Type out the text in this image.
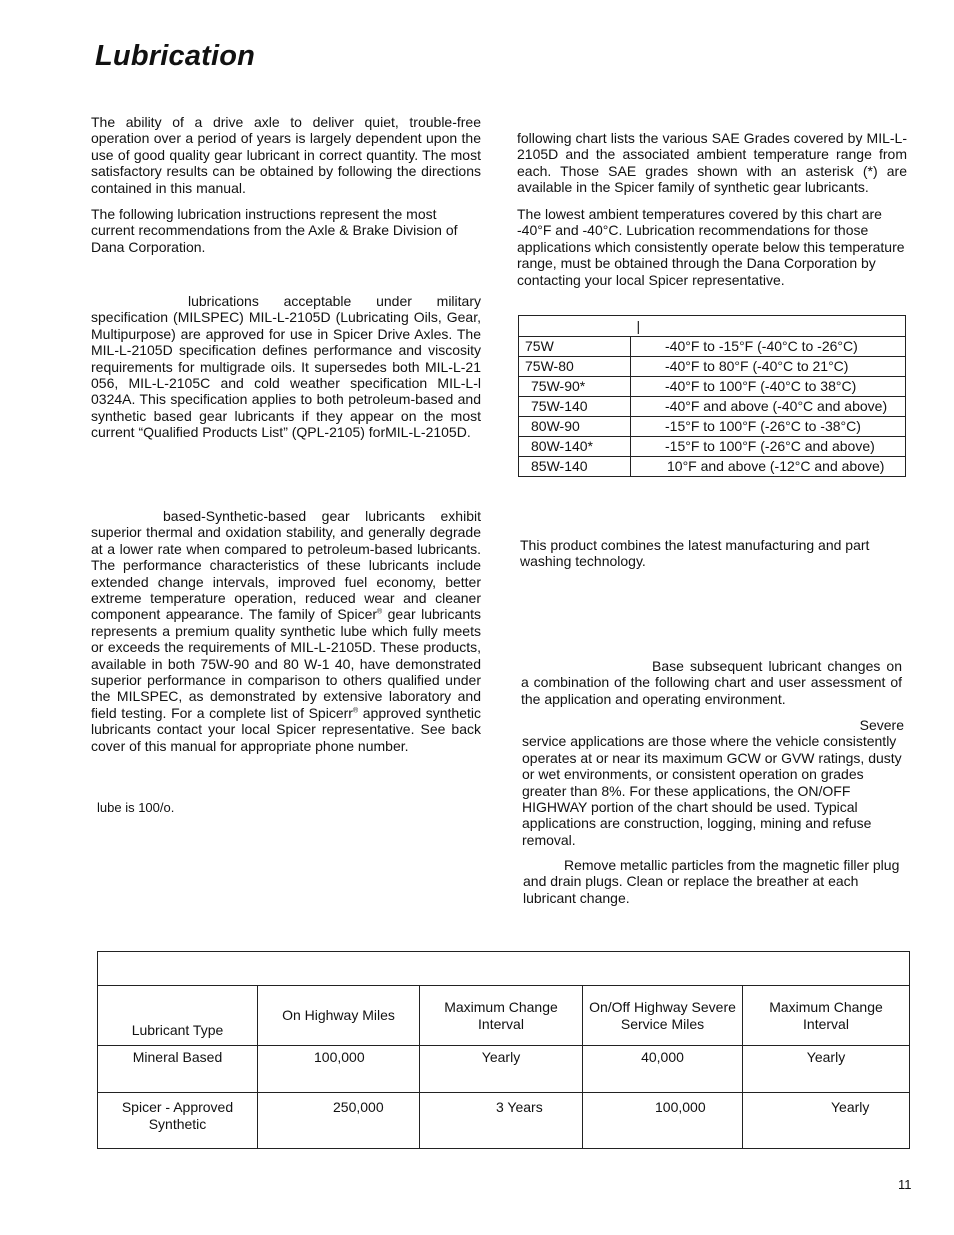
Lubrication

The ability of a drive axle to deliver quiet, trouble-free operation over a period of years is largely dependent upon the use of good quality gear lubricant in correct quantity. The most satisfactory results can be obtained by following the directions contained in this manual.

The following lubrication instructions represent the most current recommendations from the Axle & Brake Division of Dana Corporation.

lubrications acceptable under military specification (MILSPEC) MIL-L-2105D (Lubricating Oils, Gear, Multipurpose) are approved for use in Spicer Drive Axles. The MIL-L-2105D specification defines performance and viscosity requirements for multigrade oils. It supersedes both MIL-L-21 056, MIL-L-2105C and cold weather specification MIL-L-l 0324A. This specification applies to both petroleum-based and synthetic based gear lubricants if they appear on the most current “Qualified Products List” (QPL-2105) forMIL-L-2105D.

based-Synthetic-based gear lubricants exhibit superior thermal and oxidation stability, and generally degrade at a lower rate when compared to petroleum-based lubricants. The performance characteristics of these lubricants include extended change intervals, improved fuel economy, better extreme temperature operation, reduced wear and cleaner component appearance. The family of Spicer® gear lubricants represents a premium quality synthetic lube which fully meets or exceeds the requirements of MIL-L-2105D. These products, available in both 75W-90 and 80 W-1 40, have demonstrated superior performance in comparison to others qualified under the MILSPEC, as demonstrated by extensive laboratory and field testing. For a complete list of Spicerr® approved synthetic lubricants contact your local Spicer representative. See back cover of this manual for appropriate phone number.

lube is 100/o.

following chart lists the various SAE Grades covered by MIL-L-2105D and the associated ambient temperature range from each. Those SAE grades shown with an asterisk (*) are available in the Spicer family of synthetic gear lubricants.

The lowest ambient temperatures covered by this chart are -40°F and -40°C. Lubrication recommendations for those applications which consistently operate below this temperature range, must be obtained through the Dana Corporation by contacting your local Spicer representative.

	|
75W	-40°F to -15°F (-40°C to -26°C)
75W-80	-40°F to 80°F (-40°C to 21°C)
75W-90*	-40°F to 100°F (-40°C to 38°C)
75W-140	-40°F and above (-40°C and above)
80W-90	-15°F to 100°F (-26°C to -38°C)
80W-140*	-15°F to 100°F (-26°C and above)
85W-140	10°F and above (-12°C and above)

This product combines the latest manufacturing and part washing technology.

Base subsequent lubricant changes on a combination of the following chart and user assessment of the application and operating environment.

Severe

service applications are those where the vehicle consistently operates at or near its maximum GCW or GVW ratings, dusty or wet environments, or consistent operation on grades greater than 8%. For these applications, the ON/OFF HIGHWAY portion of the chart should be used. Typical applications are construction, logging, mining and refuse removal.

Remove metallic particles from the magnetic filler plug and drain plugs. Clean or replace the breather at each lubricant change.

Lubricant Type	On Highway Miles	Maximum Change Interval	On/Off Highway Severe Service Miles	Maximum Change Interval
Mineral Based	100,000	Yearly	40,000	Yearly
Spicer - Approved Synthetic	250,000	3 Years	100,000	Yearly
11
